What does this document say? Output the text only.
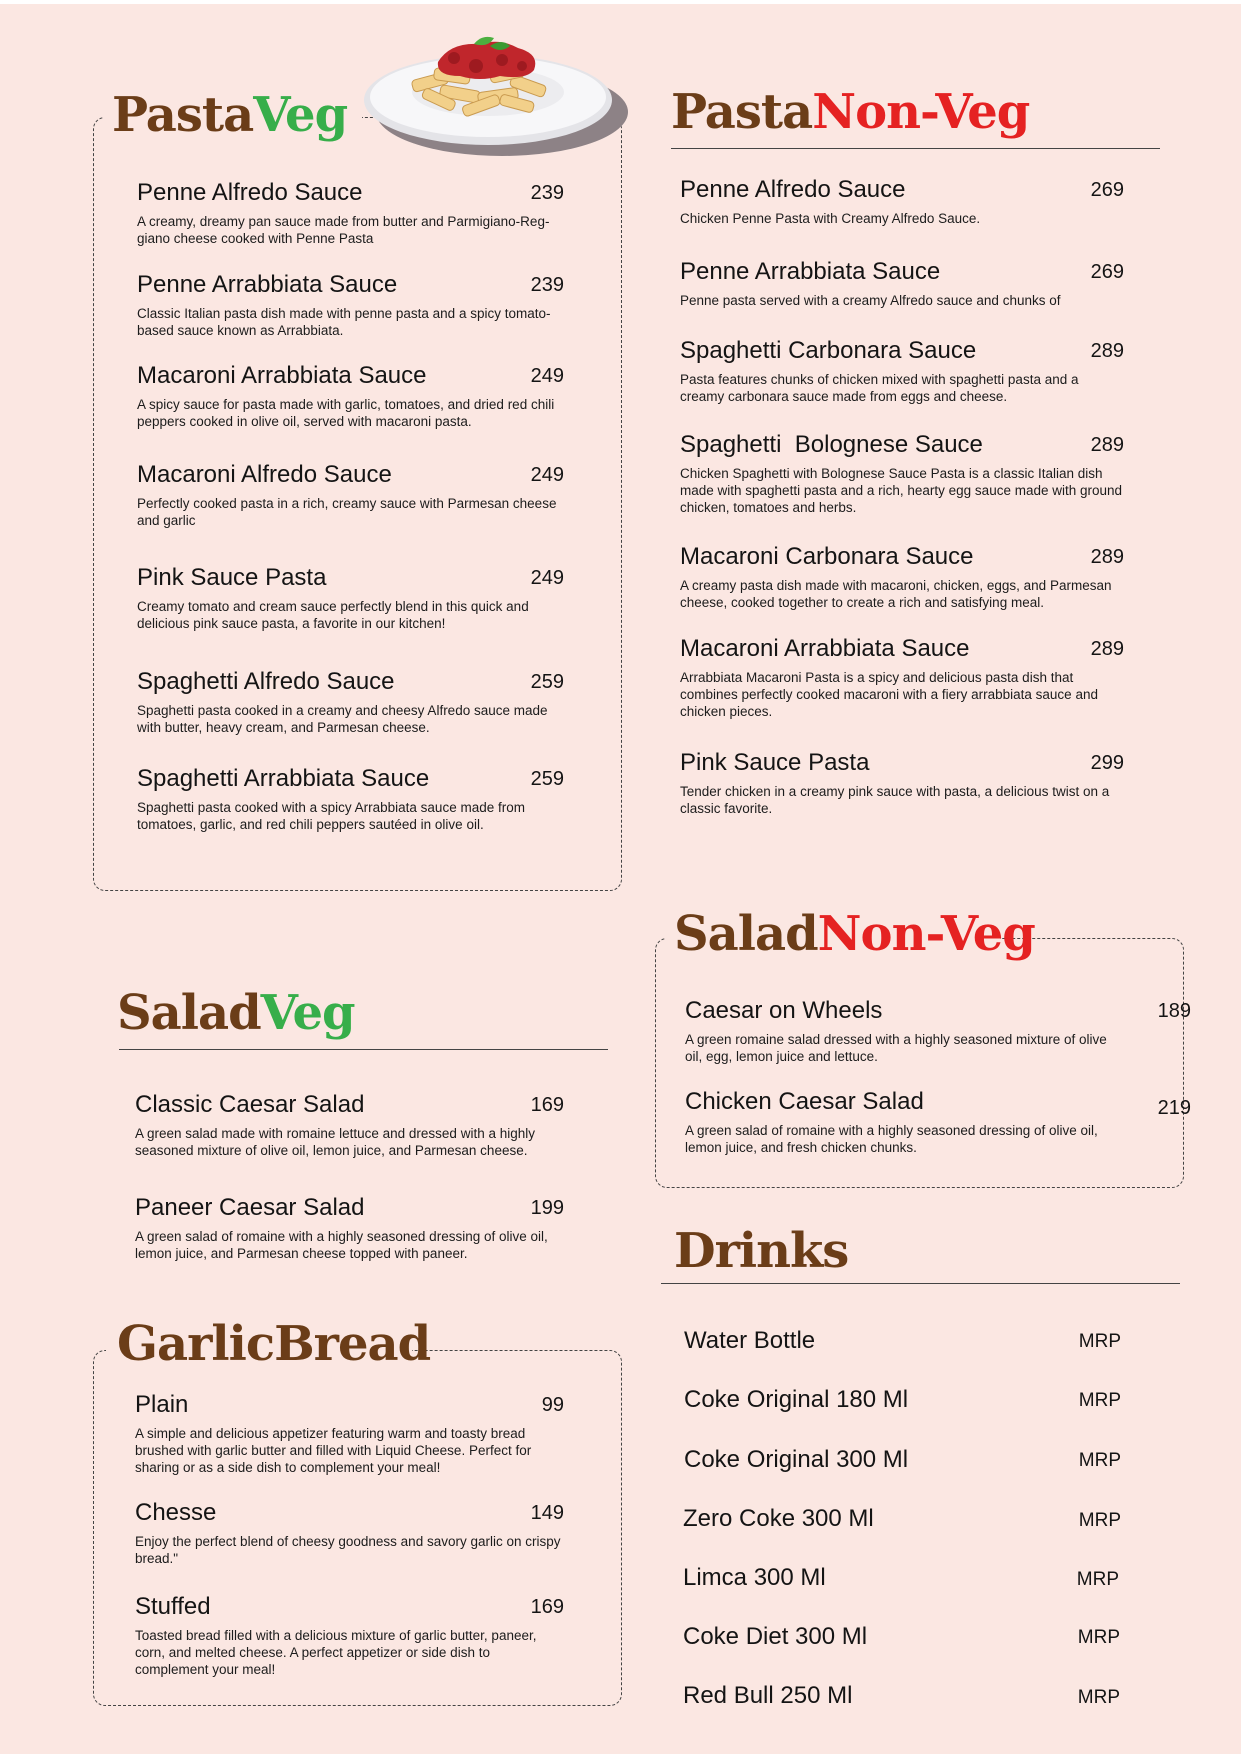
PastaVeg
Penne Alfredo Sauce	239
A creamy, dreamy pan sauce made from butter and Parmigiano-Reg-giano cheese cooked with Penne Pasta
Penne Arrabbiata Sauce	239
Classic Italian pasta dish made with penne pasta and a spicy tomato-based sauce known as Arrabbiata.
Macaroni Arrabbiata Sauce	249
A spicy sauce for pasta made with garlic, tomatoes, and dried red chili peppers cooked in olive oil, served with macaroni pasta.
Macaroni Alfredo Sauce	249
Perfectly cooked pasta in a rich, creamy sauce with Parmesan cheese and garlic
Pink Sauce Pasta	249
Creamy tomato and cream sauce perfectly blend in this quick and delicious pink sauce pasta, a favorite in our kitchen!
Spaghetti Alfredo Sauce	259
Spaghetti pasta cooked in a creamy and cheesy Alfredo sauce made with butter, heavy cream, and Parmesan cheese.
Spaghetti Arrabbiata Sauce	259
Spaghetti pasta cooked with a spicy Arrabbiata sauce made from tomatoes, garlic, and red chili peppers sautéed in olive oil.
PastaNon-Veg
Penne Alfredo Sauce	269
Chicken Penne Pasta with Creamy Alfredo Sauce.
Penne Arrabbiata Sauce	269
Penne pasta served with a creamy Alfredo sauce and chunks of
Spaghetti Carbonara Sauce	289
Pasta features chunks of chicken mixed with spaghetti pasta and a creamy carbonara sauce made from eggs and cheese.
Spaghetti  Bolognese Sauce	289
Chicken Spaghetti with Bolognese Sauce Pasta is a classic Italian dish made with spaghetti pasta and a rich, hearty egg sauce made with ground chicken, tomatoes and herbs.
Macaroni Carbonara Sauce	289
A creamy pasta dish made with macaroni, chicken, eggs, and Parmesan cheese, cooked together to create a rich and satisfying meal.
Macaroni Arrabbiata Sauce	289
Arrabbiata Macaroni Pasta is a spicy and delicious pasta dish that combines perfectly cooked macaroni with a fiery arrabbiata sauce and chicken pieces.
Pink Sauce Pasta	299
Tender chicken in a creamy pink sauce with pasta, a delicious twist on a classic favorite.
SaladNon-Veg
Caesar on Wheels	189
A green romaine salad dressed with a highly seasoned mixture of olive oil, egg, lemon juice and lettuce.
Chicken Caesar Salad	219
A green salad of romaine with a highly seasoned dressing of olive oil, lemon juice, and fresh chicken chunks.
SaladVeg
Classic Caesar Salad	169
A green salad made with romaine lettuce and dressed with a highly seasoned mixture of olive oil, lemon juice, and Parmesan cheese.
Paneer Caesar Salad	199
A green salad of romaine with a highly seasoned dressing of olive oil, lemon juice, and Parmesan cheese topped with paneer.
GarlicBread
Plain	99
A simple and delicious appetizer featuring warm and toasty bread brushed with garlic butter and filled with Liquid Cheese. Perfect for sharing or as a side dish to complement your meal!
Chesse	149
Enjoy the perfect blend of cheesy goodness and savory garlic on crispy bread."
Stuffed	169
Toasted bread filled with a delicious mixture of garlic butter, paneer, corn, and melted cheese. A perfect appetizer or side dish to complement your meal!
Drinks
Water Bottle	MRP
Coke Original 180 Ml	MRP
Coke Original 300 Ml	MRP
Zero Coke 300 Ml	MRP
Limca 300 Ml	MRP
Coke Diet 300 Ml	MRP
Red Bull 250 Ml	MRP
